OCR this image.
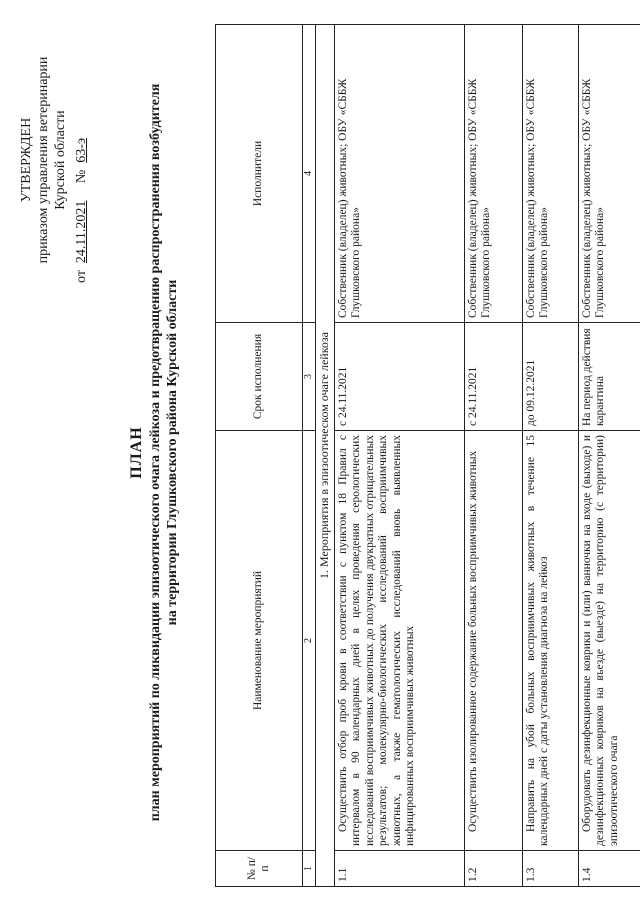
УТВЕРЖДЕН приказом управления ветеринарии Курской области
от  24.11.2021     №  63-э
ПЛАН план мероприятий по ликвидации эпизоотического очага лейкоза и предотвращению распространения возбудителя на территории Глушковского района Курской области
№ п/п	Наименование мероприятий	Срок исполнения	Исполнители
1	2	3	4
1. Мероприятия в эпизоотическом очаге лейкоза			
1.1	Осуществить отбор проб крови в соответствии с пунктом 18 Правил с интервалом в 90 календарных дней в целях проведения серологических исследований восприимчивых животных до получения двукратных отрицательных результатов; молекулярно-биологических исследований восприимчивых животных, а также гематологических исследований вновь выявленных инфицированных восприимчивых животных	с 24.11.2021	Собственник (владелец) животных; ОБУ «СББЖ Глушковского района»
1.2	Осуществить изолированное содержание больных восприимчивых животных	с 24.11.2021	Собственник (владелец) животных; ОБУ «СББЖ Глушковского района»
1.3	Направить на убой больных восприимчивых животных в течение 15 календарных дней с даты установления диагноза на лейкоз	до 09.12.2021	Собственник (владелец) животных; ОБУ «СББЖ Глушковского района»
1.4	Оборудовать дезинфекционные коврики и (или) ванночки на входе (выходе) и дезинфекционных ковриков на въезде (выезде) на территорию (с территории) эпизоотического очага	На период действия карантина	Собственник (владелец) животных; ОБУ «СББЖ Глушковского района»
